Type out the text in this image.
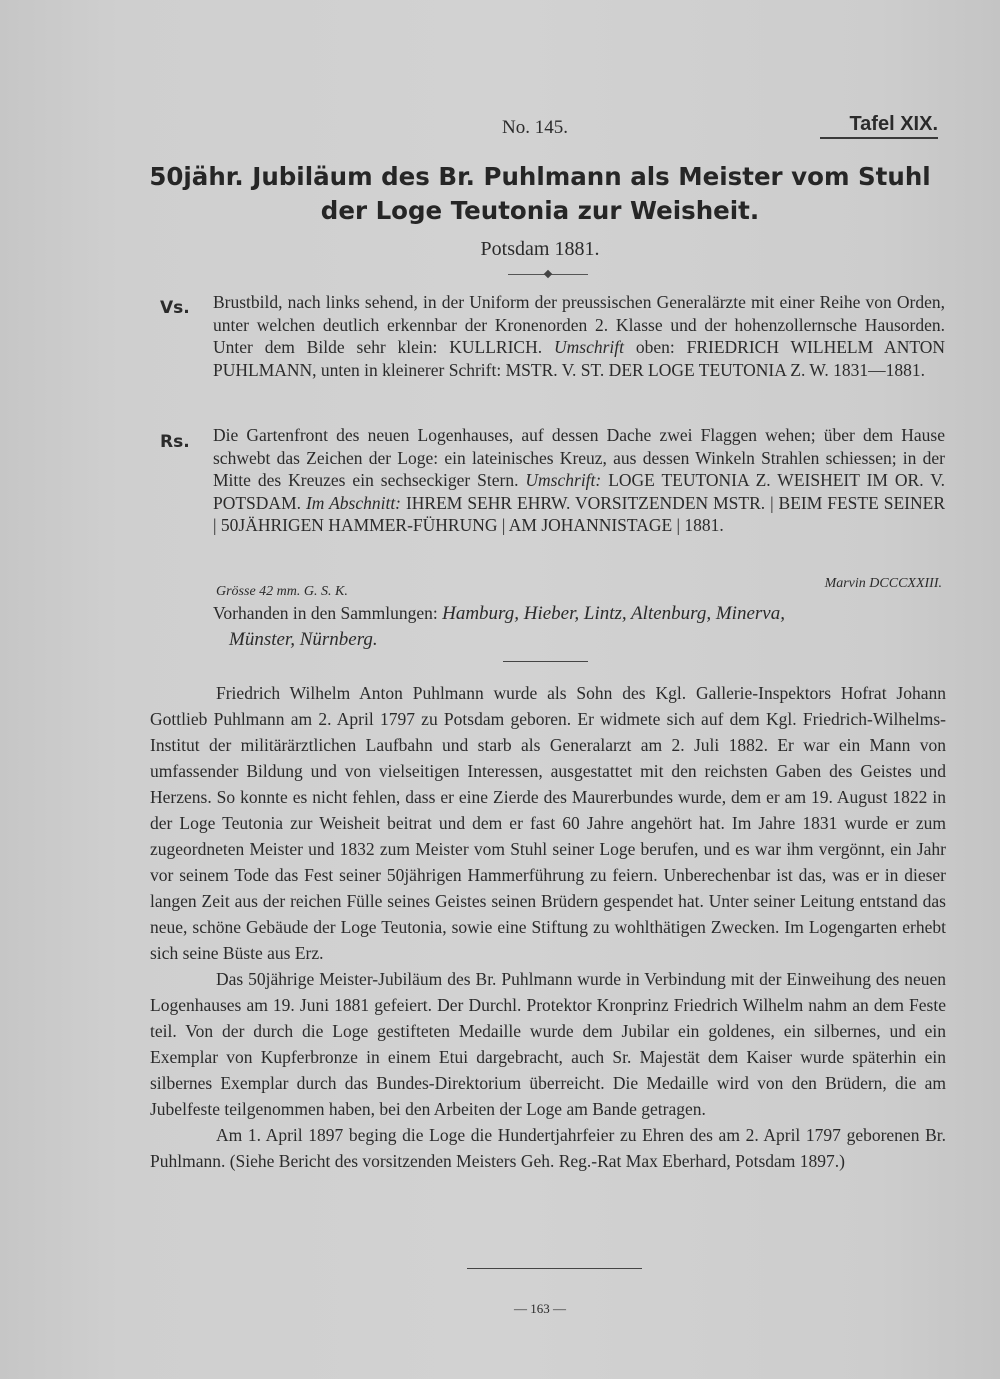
No. 145.	Tafel XIX.
50jähr. Jubiläum des Br. Puhlmann als Meister vom Stuhl
der Loge Teutonia zur Weisheit.
Potsdam 1881.
Vs. Brustbild, nach links sehend, in der Uniform der preussischen Generalärzte mit einer Reihe von Orden, unter welchen deutlich erkennbar der Kronenorden 2. Klasse und der hohenzollernsche Hausorden. Unter dem Bilde sehr klein: KULLRICH. Umschrift oben: FRIEDRICH WILHELM ANTON PUHLMANN, unten in kleinerer Schrift: MSTR. V. ST. DER LOGE TEUTONIA Z. W. 1831—1881.
Rs. Die Gartenfront des neuen Logenhauses, auf dessen Dache zwei Flaggen wehen; über dem Hause schwebt das Zeichen der Loge: ein lateinisches Kreuz, aus dessen Winkeln Strahlen schiessen; in der Mitte des Kreuzes ein sechseckiger Stern. Umschrift: LOGE TEUTONIA Z. WEISHEIT IM OR. V. POTSDAM. Im Abschnitt: IHREM SEHR EHRW. VORSITZENDEN MSTR. | BEIM FESTE SEINER | 50JÄHRIGEN HAMMER-FÜHRUNG | AM JOHANNISTAGE | 1881.
Grösse 42 mm. G. S. K.
Marvin DCCCXXIII.
Vorhanden in den Sammlungen: Hamburg, Hieber, Lintz, Altenburg, Minerva,
Münster, Nürnberg.

Friedrich Wilhelm Anton Puhlmann wurde als Sohn des Kgl. Gallerie-Inspektors Hofrat Johann Gottlieb Puhlmann am 2. April 1797 zu Potsdam geboren. Er widmete sich auf dem Kgl. Friedrich-Wilhelms-Institut der militärärztlichen Laufbahn und starb als Generalarzt am 2. Juli 1882. Er war ein Mann von umfassender Bildung und von vielseitigen Interessen, ausgestattet mit den reichsten Gaben des Geistes und Herzens. So konnte es nicht fehlen, dass er eine Zierde des Maurerbundes wurde, dem er am 19. August 1822 in der Loge Teutonia zur Weisheit beitrat und dem er fast 60 Jahre angehört hat. Im Jahre 1831 wurde er zum zugeordneten Meister und 1832 zum Meister vom Stuhl seiner Loge berufen, und es war ihm vergönnt, ein Jahr vor seinem Tode das Fest seiner 50jährigen Hammerführung zu feiern. Unberechenbar ist das, was er in dieser langen Zeit aus der reichen Fülle seines Geistes seinen Brüdern gespendet hat. Unter seiner Leitung entstand das neue, schöne Gebäude der Loge Teutonia, sowie eine Stiftung zu wohlthätigen Zwecken. Im Logengarten erhebt sich seine Büste aus Erz.

Das 50jährige Meister-Jubiläum des Br. Puhlmann wurde in Verbindung mit der Einweihung des neuen Logenhauses am 19. Juni 1881 gefeiert. Der Durchl. Protektor Kronprinz Friedrich Wilhelm nahm an dem Feste teil. Von der durch die Loge gestifteten Medaille wurde dem Jubilar ein goldenes, ein silbernes, und ein Exemplar von Kupferbronze in einem Etui dargebracht, auch Sr. Majestät dem Kaiser wurde späterhin ein silbernes Exemplar durch das Bundes-Direktorium überreicht. Die Medaille wird von den Brüdern, die am Jubelfeste teilgenommen haben, bei den Arbeiten der Loge am Bande getragen.

Am 1. April 1897 beging die Loge die Hundertjahrfeier zu Ehren des am 2. April 1797 geborenen Br. Puhlmann. (Siehe Bericht des vorsitzenden Meisters Geh. Reg.-Rat Max Eberhard, Potsdam 1897.)

— 163 —
